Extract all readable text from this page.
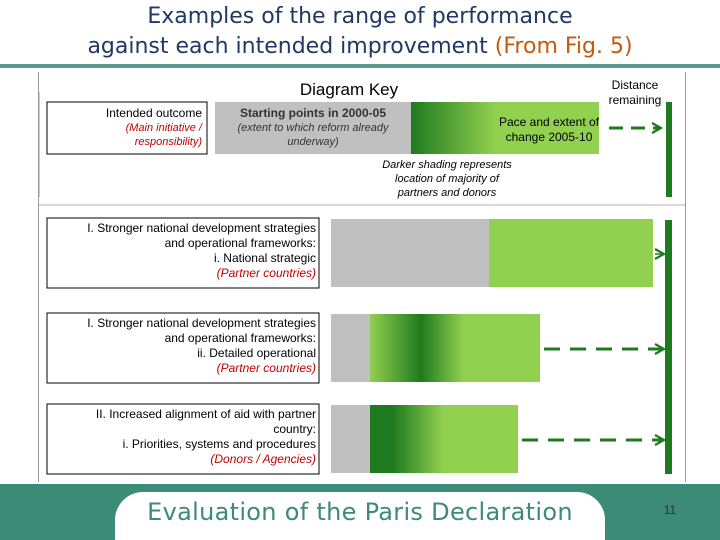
Examples of the range of performance
against each intended improvement (From Fig. 5)
Diagram Key	Distance
remaining
Intended outcome
(Main initiative /
responsibility)
Starting points in 2000-05
(extent to which reform already
underway)
Pace and extent of
change 2005-10
Darker shading represents
location of majority of
partners and donors
I. Stronger national development strategies
and operational frameworks:
i. National strategic
(Partner countries)
I. Stronger national development strategies
and operational frameworks:
ii. Detailed operational
(Partner countries)
II. Increased alignment of aid with partner
country:
i. Priorities, systems and procedures
(Donors / Agencies)
Evaluation of the Paris Declaration	11
